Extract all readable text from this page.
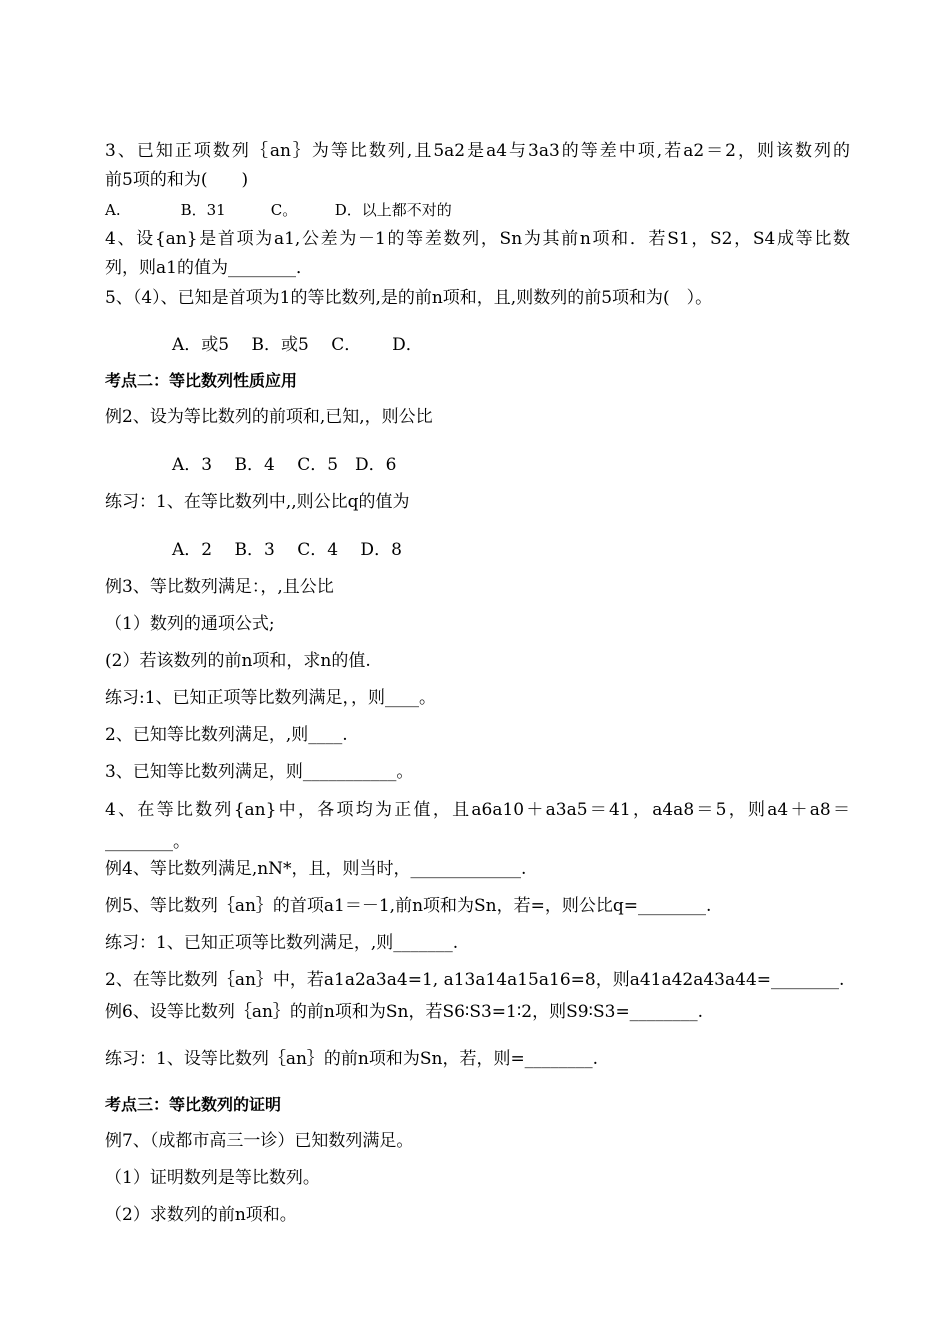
3、已知正项数列｛an｝为等比数列,且5a2是a4与3a3的等差中项,若a2＝2，则该数列的
前5项的和为(　　)
A.　　　　B．31　　　C。　　　D．以上都不对的
4、设{an}是首项为a1,公差为－1的等差数列，Sn为其前n项和．若S1，S2，S4成等比数
列，则a1的值为________．
5、（4）、已知是首项为1的等比数列,是的前n项和，且,则数列的前5项和为(　）。
A．或5　 B．或5　 C．　　 D．
考点二：等比数列性质应用
例2、设为等比数列的前项和,已知,，则公比
A．3　 B．4　 C．5　D．6
练习：1、在等比数列中,,则公比q的值为
A．2　 B．3　 C．4　 D．8
例3、等比数列满足：，,且公比
（1）数列的通项公式;
(2）若该数列的前n项和，求n的值.
练习:1、已知正项等比数列满足，，则____。
2、已知等比数列满足，,则____.
3、已知等比数列满足，则___________。
4、在等比数列{an}中，各项均为正值，且a6a10＋a3a5＝41，a4a8＝5，则a4＋a8＝
________。
例4、等比数列满足,nN*，且，则当时，_____________.
例5、等比数列｛an｝的首项a1＝－1,前n项和为Sn，若=，则公比q=________.
练习：1、已知正项等比数列满足，,则_______.
2、在等比数列｛an｝中，若a1a2a3a4=1, a13a14a15a16=8，则a41a42a43a44=________.
例6、设等比数列｛an｝的前n项和为Sn，若S6∶S3=1∶2，则S9∶S3=________.
练习：1、设等比数列｛an｝的前n项和为Sn，若，则=________.
考点三：等比数列的证明
例7、（成都市高三一诊）已知数列满足。
（1）证明数列是等比数列。
（2）求数列的前n项和。
